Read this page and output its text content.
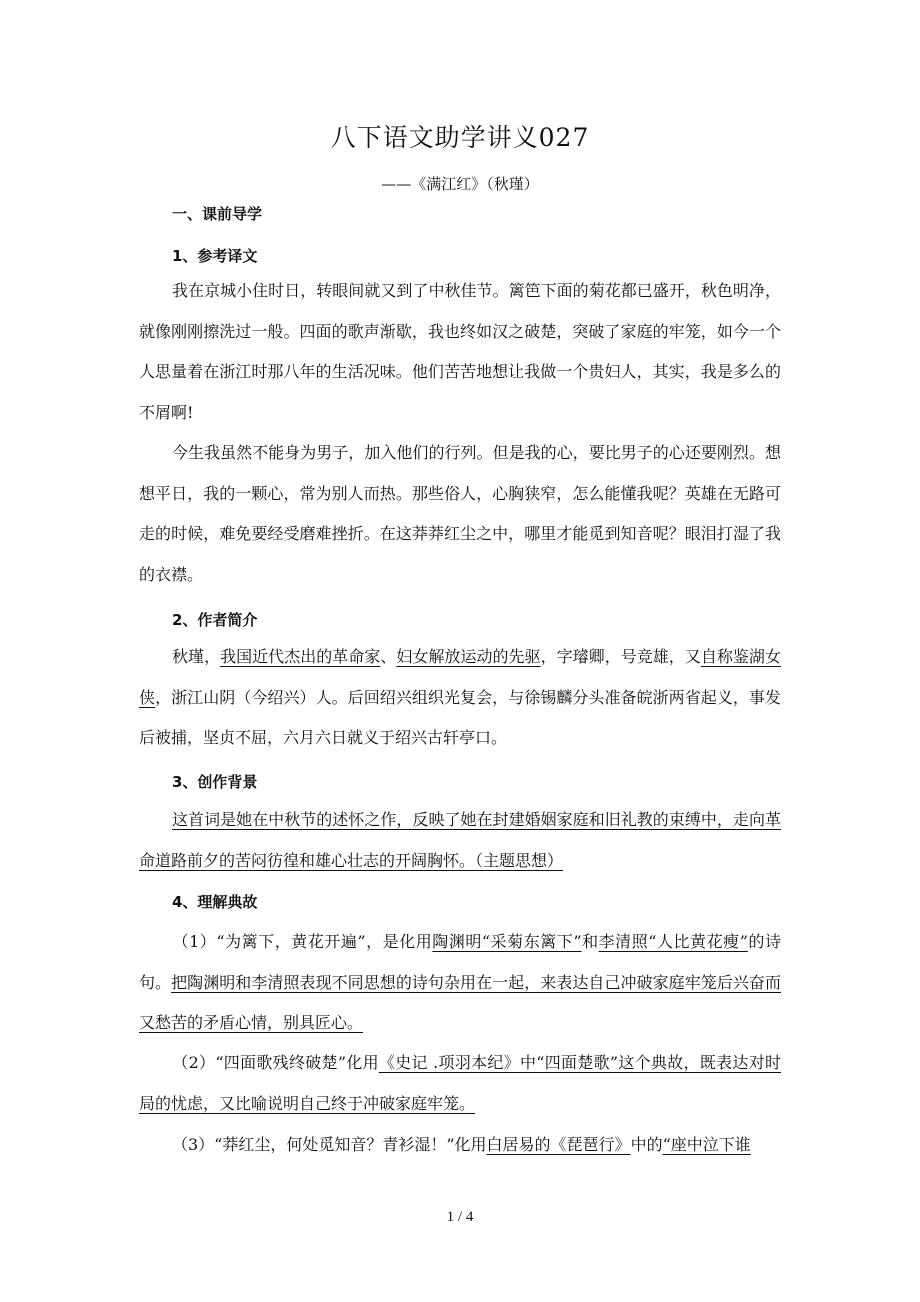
八下语文助学讲义027
——《满江红》（秋瑾）
一、课前导学
1、参考译文
我在京城小住时日，转眼间就又到了中秋佳节。篱笆下面的菊花都已盛开，秋色明净，就像刚刚擦洗过一般。四面的歌声渐歇，我也终如汉之破楚，突破了家庭的牢笼，如今一个人思量着在浙江时那八年的生活况味。他们苦苦地想让我做一个贵妇人，其实，我是多么的不屑啊!
今生我虽然不能身为男子，加入他们的行列。但是我的心，要比男子的心还要刚烈。想想平日，我的一颗心，常为别人而热。那些俗人，心胸狭窄，怎么能懂我呢？英雄在无路可走的时候，难免要经受磨难挫折。在这莽莽红尘之中，哪里才能觅到知音呢？眼泪打湿了我的衣襟。
2、作者简介
秋瑾，我国近代杰出的革命家、妇女解放运动的先驱，字璿卿，号竞雄，又自称鉴湖女侠，浙江山阴（今绍兴）人。后回绍兴组织光复会，与徐锡麟分头准备皖浙两省起义，事发后被捕，坚贞不屈，六月六日就义于绍兴古轩亭口。
3、创作背景
这首词是她在中秋节的述怀之作，反映了她在封建婚姻家庭和旧礼教的束缚中，走向革命道路前夕的苦闷彷徨和雄心壮志的开阔胸怀。（主题思想）
4、理解典故
（1）“为篱下，黄花开遍”，是化用陶渊明“采菊东篱下”和李清照“人比黄花瘦”的诗句。把陶渊明和李清照表现不同思想的诗句杂用在一起，来表达自己冲破家庭牢笼后兴奋而又愁苦的矛盾心情，别具匠心。
（2）“四面歌残终破楚”化用《史记 .项羽本纪》中“四面楚歌”这个典故，既表达对时局的忧虑，又比喻说明自己终于冲破家庭牢笼。
（3）“莽红尘，何处觅知音？青衫湿！”化用白居易的《琵琶行》中的“座中泣下谁
1 / 4
